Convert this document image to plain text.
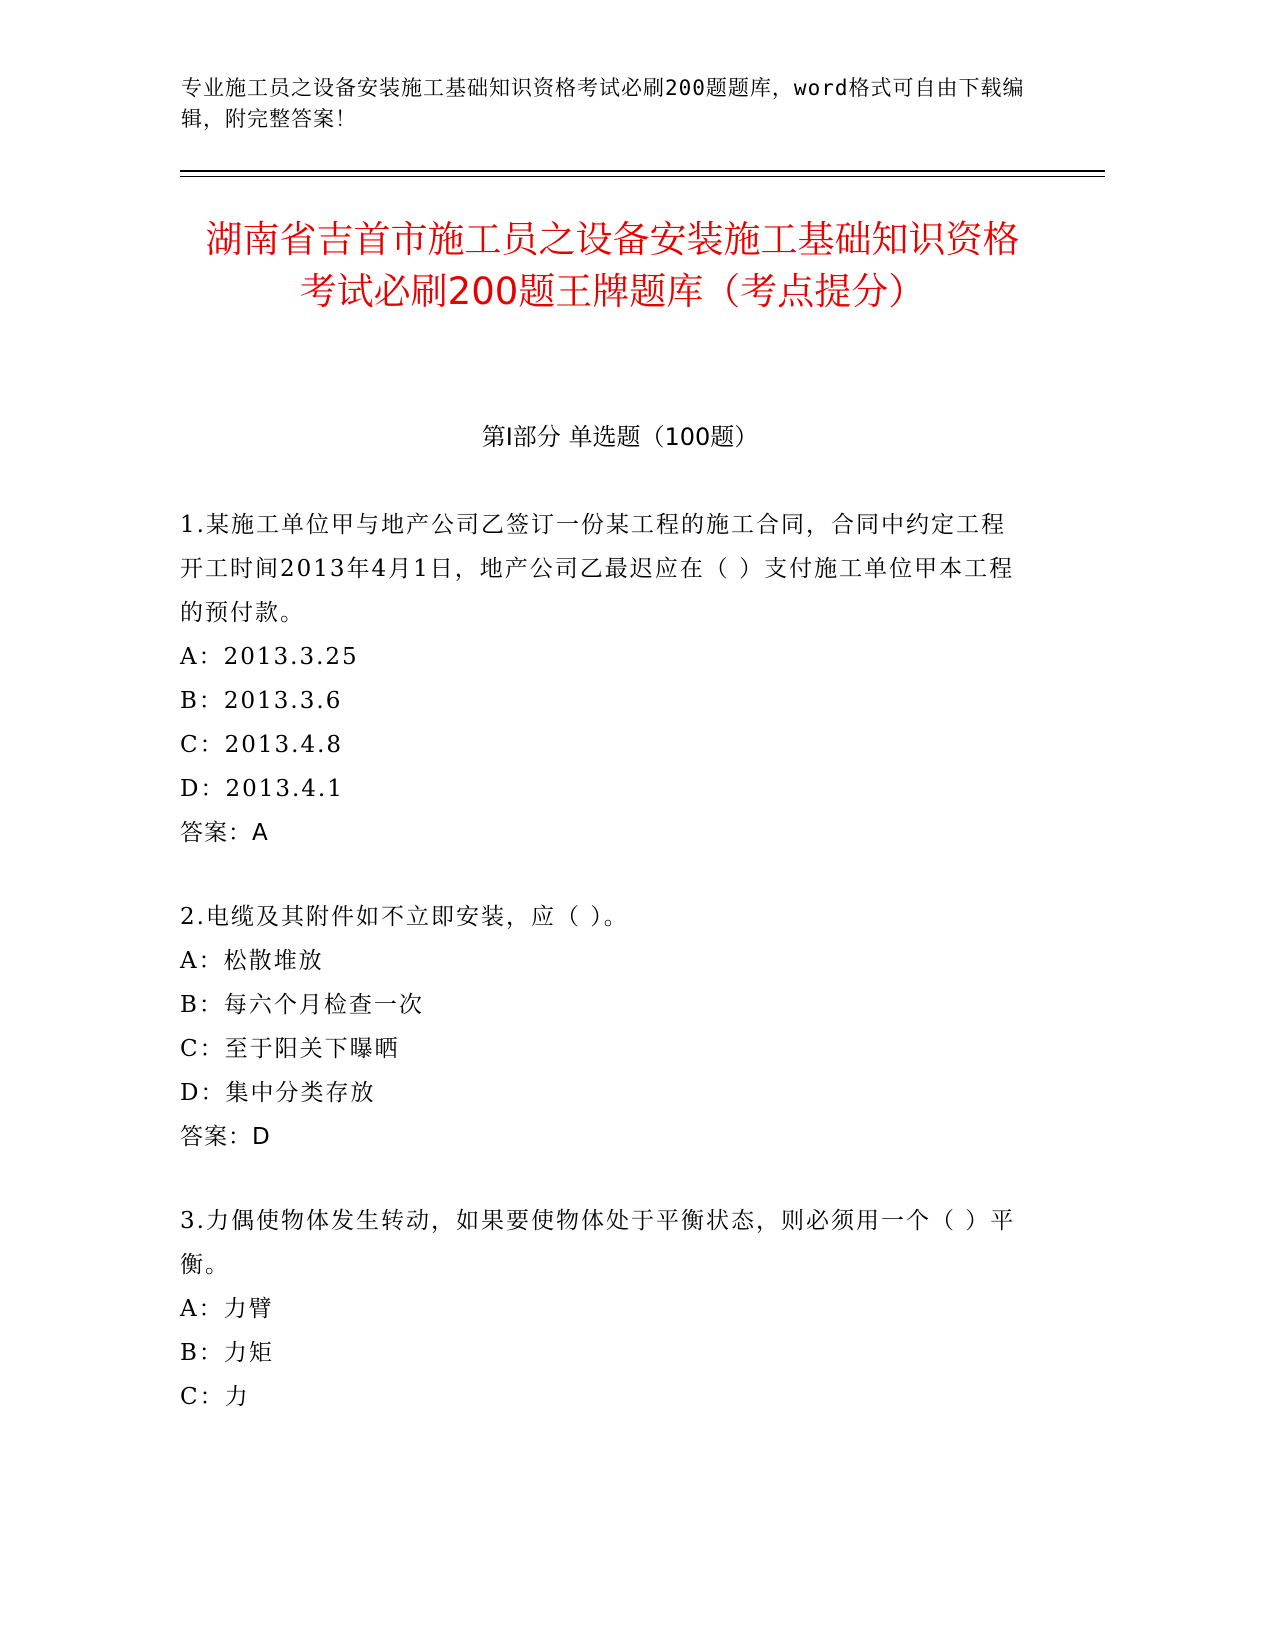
专业施工员之设备安装施工基础知识资格考试必刷200题题库，word格式可自由下载编辑，附完整答案！
湖南省吉首市施工员之设备安装施工基础知识资格考试必刷200题王牌题库（考点提分）
第I部分 单选题（100题）
1.某施工单位甲与地产公司乙签订一份某工程的施工合同，合同中约定工程开工时间2013年4月1日，地产公司乙最迟应在（ ）支付施工单位甲本工程的预付款。
A：2013.3.25
B：2013.3.6
C：2013.4.8
D：2013.4.1
答案：A
2.电缆及其附件如不立即安装，应（ ）。
A：松散堆放
B：每六个月检查一次
C：至于阳关下曝晒
D：集中分类存放
答案：D
3.力偶使物体发生转动，如果要使物体处于平衡状态，则必须用一个（ ）平衡。
A：力臂
B：力矩
C：力
